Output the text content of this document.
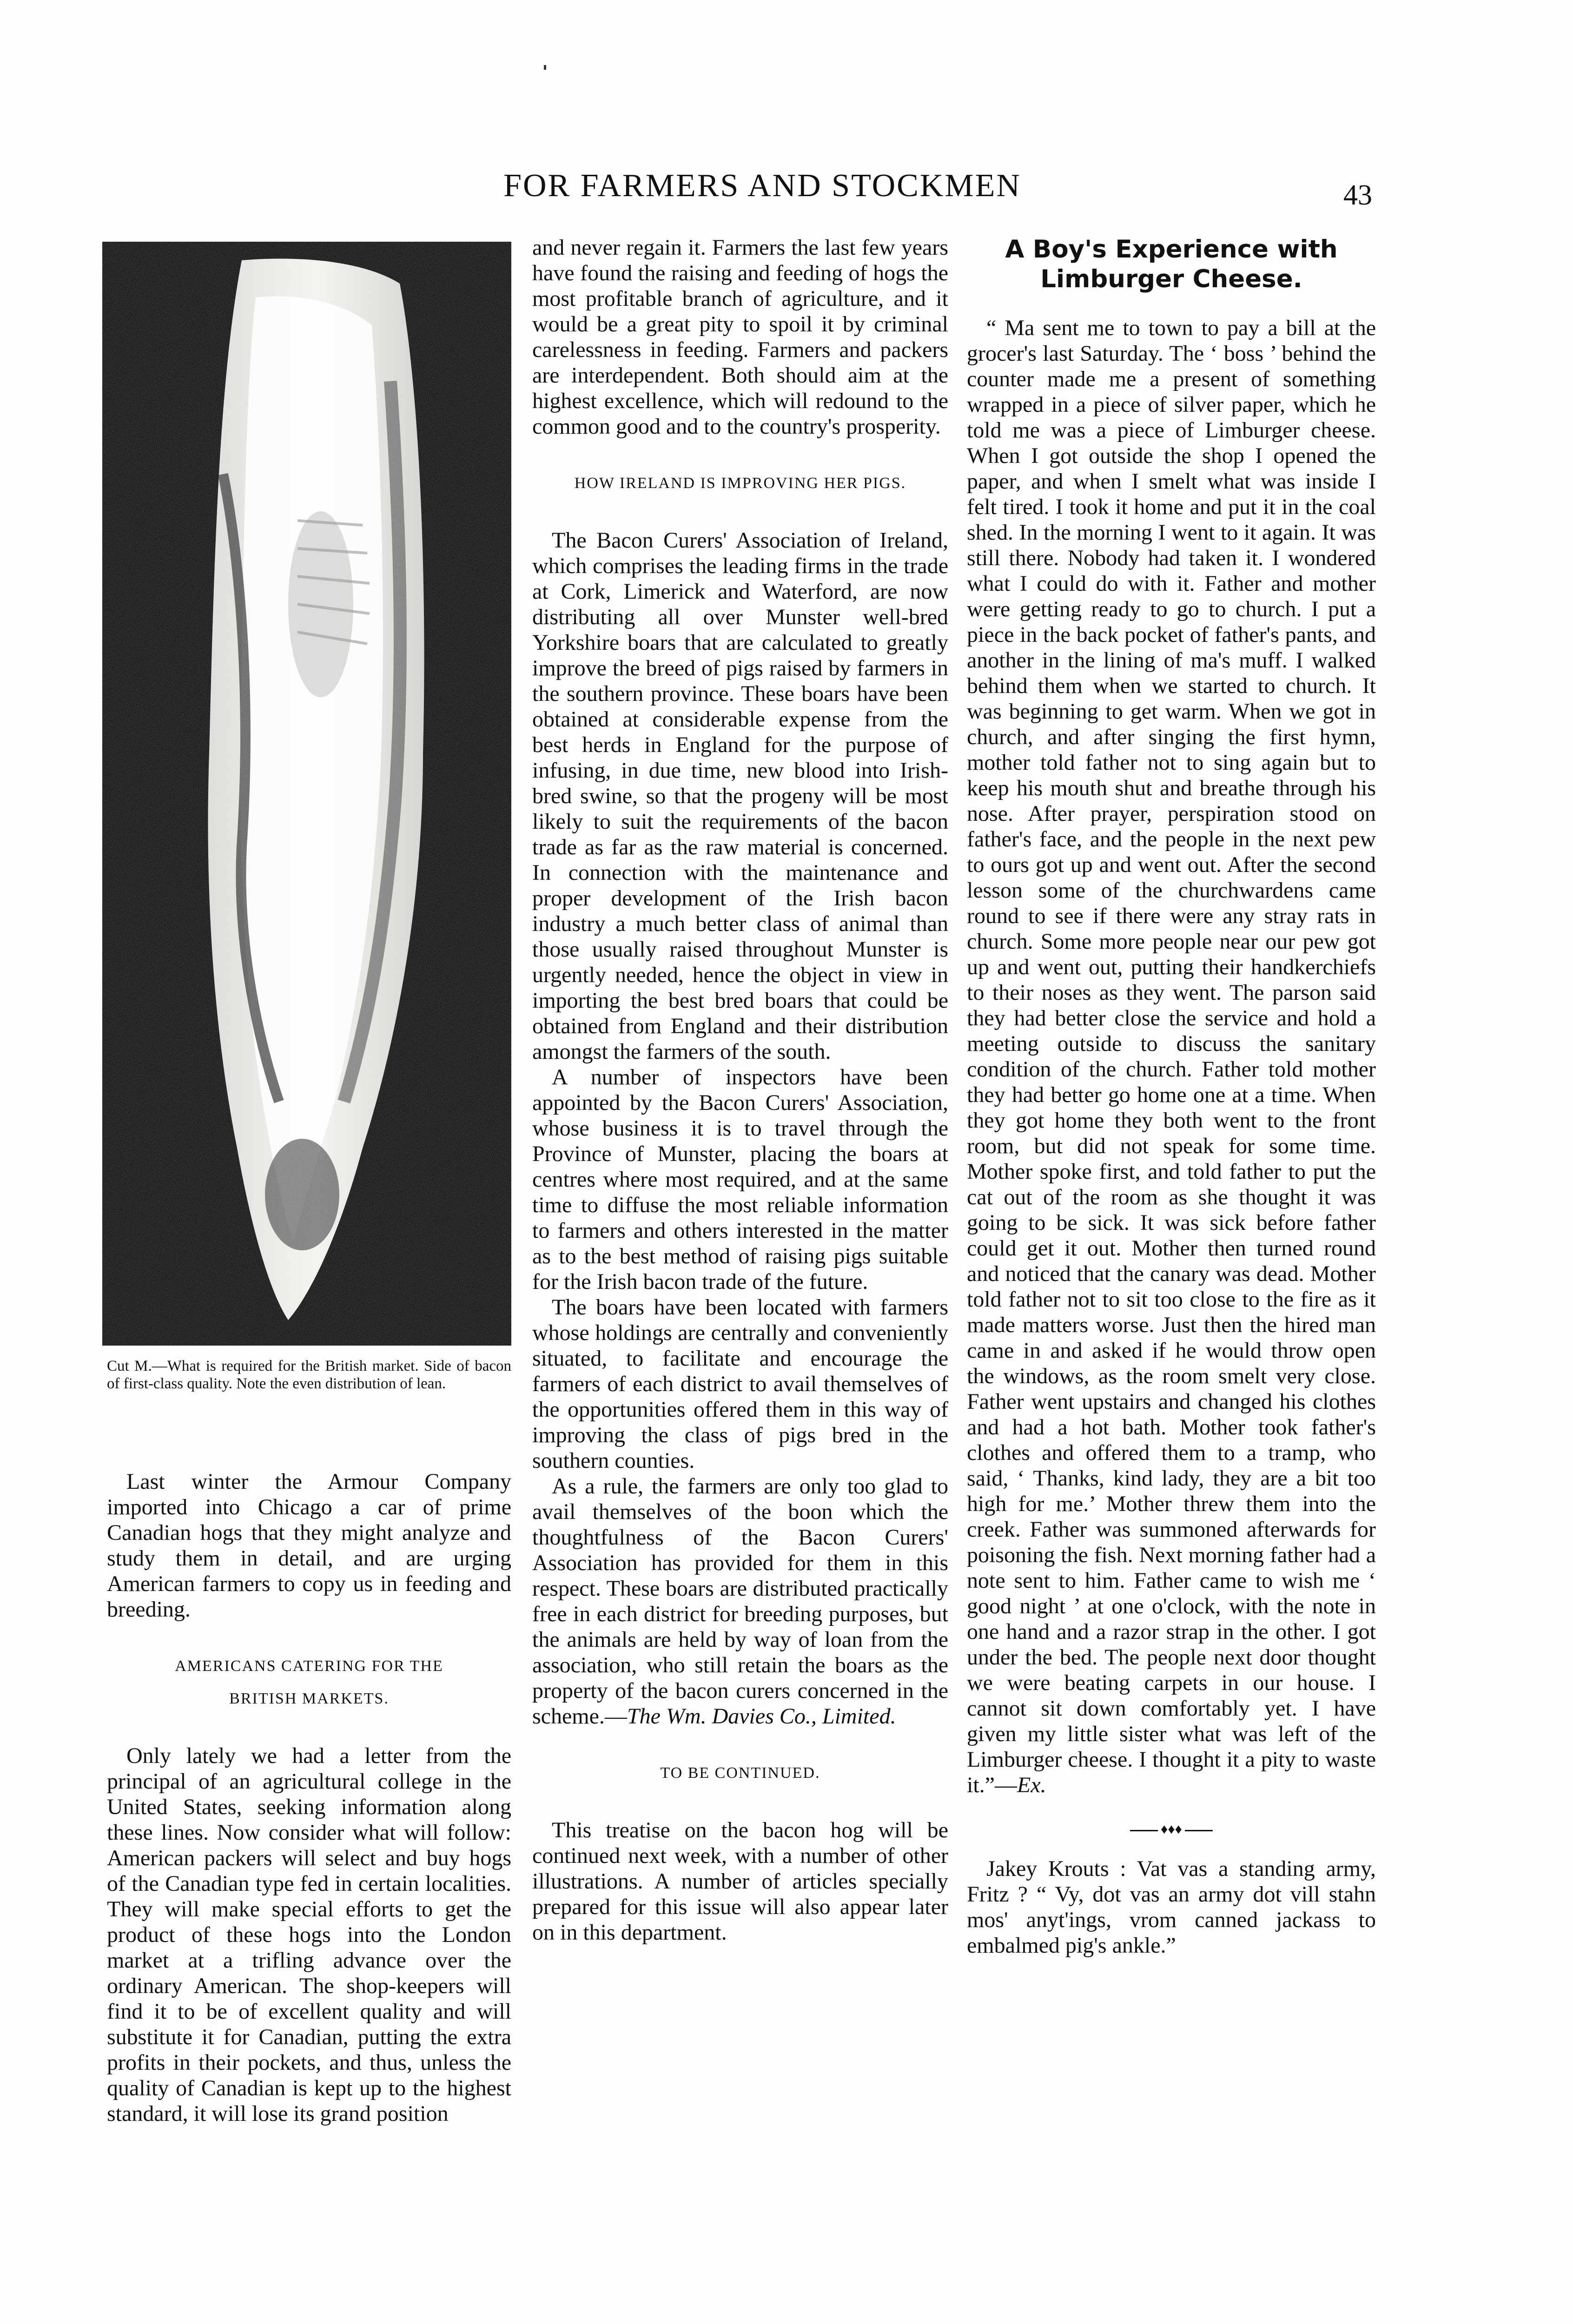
FOR FARMERS AND STOCKMEN	43
Cut M.—What is required for the British market. Side of bacon of first-class quality. Note the even distribution of lean.

Last winter the Armour Company imported into Chicago a car of prime Canadian hogs that they might analyze and study them in detail, and are urging American farmers to copy us in feeding and breeding.

AMERICANS CATERING FOR THE
BRITISH MARKETS.

Only lately we had a letter from the principal of an agricultural college in the United States, seeking information along these lines. Now consider what will follow: American packers will select and buy hogs of the Canadian type fed in certain localities. They will make special efforts to get the product of these hogs into the London market at a trifling advance over the ordinary American. The shop-keepers will find it to be of excellent quality and will substitute it for Canadian, putting the extra profits in their pockets, and thus, unless the quality of Canadian is kept up to the highest standard, it will lose its grand position

and never regain it. Farmers the last few years have found the raising and feeding of hogs the most profitable branch of agriculture, and it would be a great pity to spoil it by criminal carelessness in feeding. Farmers and packers are interdependent. Both should aim at the highest excellence, which will redound to the common good and to the country's prosperity.

HOW IRELAND IS IMPROVING HER PIGS.

The Bacon Curers' Association of Ireland, which comprises the leading firms in the trade at Cork, Limerick and Waterford, are now distributing all over Munster well-bred Yorkshire boars that are calculated to greatly improve the breed of pigs raised by farmers in the southern province. These boars have been obtained at considerable expense from the best herds in England for the purpose of infusing, in due time, new blood into Irish-bred swine, so that the progeny will be most likely to suit the requirements of the bacon trade as far as the raw material is concerned. In connection with the maintenance and proper development of the Irish bacon industry a much better class of animal than those usually raised throughout Munster is urgently needed, hence the object in view in importing the best bred boars that could be obtained from England and their distribution amongst the farmers of the south.

A number of inspectors have been appointed by the Bacon Curers' Association, whose business it is to travel through the Province of Munster, placing the boars at centres where most required, and at the same time to diffuse the most reliable information to farmers and others interested in the matter as to the best method of raising pigs suitable for the Irish bacon trade of the future.

The boars have been located with farmers whose holdings are centrally and conveniently situated, to facilitate and encourage the farmers of each district to avail themselves of the opportunities offered them in this way of improving the class of pigs bred in the southern counties.

As a rule, the farmers are only too glad to avail themselves of the boon which the thoughtfulness of the Bacon Curers' Association has provided for them in this respect. These boars are distributed practically free in each district for breeding purposes, but the animals are held by way of loan from the association, who still retain the boars as the property of the bacon curers concerned in the scheme.—The Wm. Davies Co., Limited.

TO BE CONTINUED.

This treatise on the bacon hog will be continued next week, with a number of other illustrations. A number of articles specially prepared for this issue will also appear later on in this department.

A Boy's Experience with Limburger Cheese.

“ Ma sent me to town to pay a bill at the grocer's last Saturday. The ‘ boss ’ behind the counter made me a present of something wrapped in a piece of silver paper, which he told me was a piece of Limburger cheese. When I got outside the shop I opened the paper, and when I smelt what was inside I felt tired. I took it home and put it in the coal shed. In the morning I went to it again. It was still there. Nobody had taken it. I wondered what I could do with it. Father and mother were getting ready to go to church. I put a piece in the back pocket of father's pants, and another in the lining of ma's muff. I walked behind them when we started to church. It was beginning to get warm. When we got in church, and after singing the first hymn, mother told father not to sing again but to keep his mouth shut and breathe through his nose. After prayer, perspiration stood on father's face, and the people in the next pew to ours got up and went out. After the second lesson some of the churchwardens came round to see if there were any stray rats in church. Some more people near our pew got up and went out, putting their handkerchiefs to their noses as they went. The parson said they had better close the service and hold a meeting outside to discuss the sanitary condition of the church. Father told mother they had better go home one at a time. When they got home they both went to the front room, but did not speak for some time. Mother spoke first, and told father to put the cat out of the room as she thought it was going to be sick. It was sick before father could get it out. Mother then turned round and noticed that the canary was dead. Mother told father not to sit too close to the fire as it made matters worse. Just then the hired man came in and asked if he would throw open the windows, as the room smelt very close. Father went upstairs and changed his clothes and had a hot bath. Mother took father's clothes and offered them to a tramp, who said, ‘ Thanks, kind lady, they are a bit too high for me.’ Mother threw them into the creek. Father was summoned afterwards for poisoning the fish. Next morning father had a note sent to him. Father came to wish me ‘ good night ’ at one o'clock, with the note in one hand and a razor strap in the other. I got under the bed. The people next door thought we were beating carpets in our house. I cannot sit down comfortably yet. I have given my little sister what was left of the Limburger cheese. I thought it a pity to waste it.”—Ex.

♦♦♦

Jakey Krouts : Vat vas a standing army, Fritz ? “ Vy, dot vas an army dot vill stahn mos' anyt'ings, vrom canned jackass to embalmed pig's ankle.”
